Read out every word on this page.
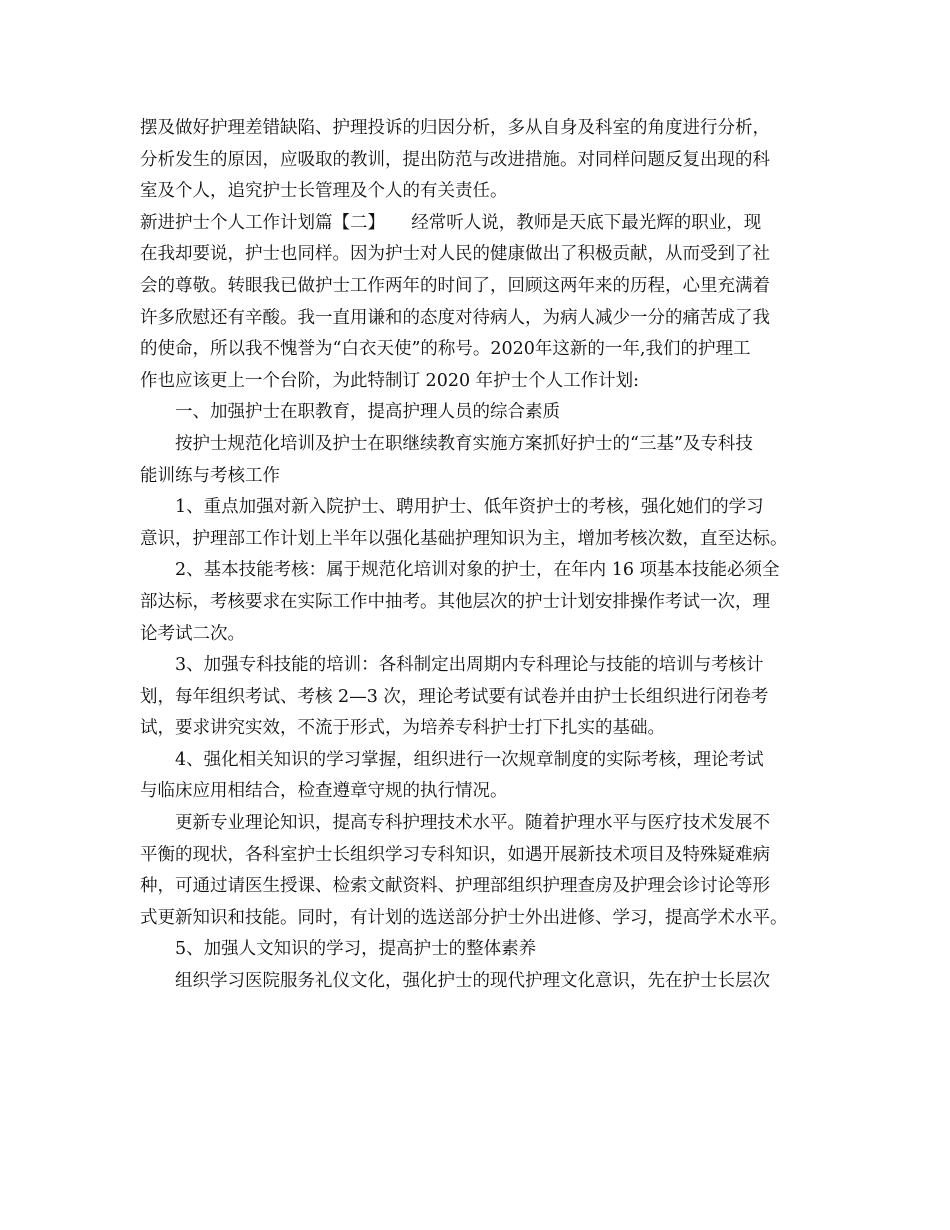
摆及做好护理差错缺陷、护理投诉的归因分析，多从自身及科室的角度进行分析，
分析发生的原因，应吸取的教训，提出防范与改进措施。对同样问题反复出现的科
室及个人，追究护士长管理及个人的有关责任。
新进护士个人工作计划篇【二】　　经常听人说，教师是天底下最光辉的职业，现
在我却要说，护士也同样。因为护士对人民的健康做出了积极贡献，从而受到了社
会的尊敬。转眼我已做护士工作两年的时间了，回顾这两年来的历程，心里充满着
许多欣慰还有辛酸。我一直用谦和的态度对待病人，为病人减少一分的痛苦成了我
的使命，所以我不愧誉为“白衣天使”的称号。2020年这新的一年,我们的护理工
作也应该更上一个台阶，为此特制订 2020 年护士个人工作计划:
一、加强护士在职教育，提高护理人员的综合素质
按护士规范化培训及护士在职继续教育实施方案抓好护士的“三基”及专科技
能训练与考核工作
1、重点加强对新入院护士、聘用护士、低年资护士的考核，强化她们的学习
意识，护理部工作计划上半年以强化基础护理知识为主，增加考核次数，直至达标。
2、基本技能考核：属于规范化培训对象的护士，在年内 16 项基本技能必须全
部达标，考核要求在实际工作中抽考。其他层次的护士计划安排操作考试一次，理
论考试二次。
3、加强专科技能的培训：各科制定出周期内专科理论与技能的培训与考核计
划，每年组织考试、考核 2—3 次，理论考试要有试卷并由护士长组织进行闭卷考
试，要求讲究实效，不流于形式，为培养专科护士打下扎实的基础。
4、强化相关知识的学习掌握，组织进行一次规章制度的实际考核，理论考试
与临床应用相结合，检查遵章守规的执行情况。
更新专业理论知识，提高专科护理技术水平。随着护理水平与医疗技术发展不
平衡的现状，各科室护士长组织学习专科知识，如遇开展新技术项目及特殊疑难病
种，可通过请医生授课、检索文献资料、护理部组织护理查房及护理会诊讨论等形
式更新知识和技能。同时，有计划的选送部分护士外出进修、学习，提高学术水平。
5、加强人文知识的学习，提高护士的整体素养
组织学习医院服务礼仪文化，强化护士的现代护理文化意识，先在护士长层次
